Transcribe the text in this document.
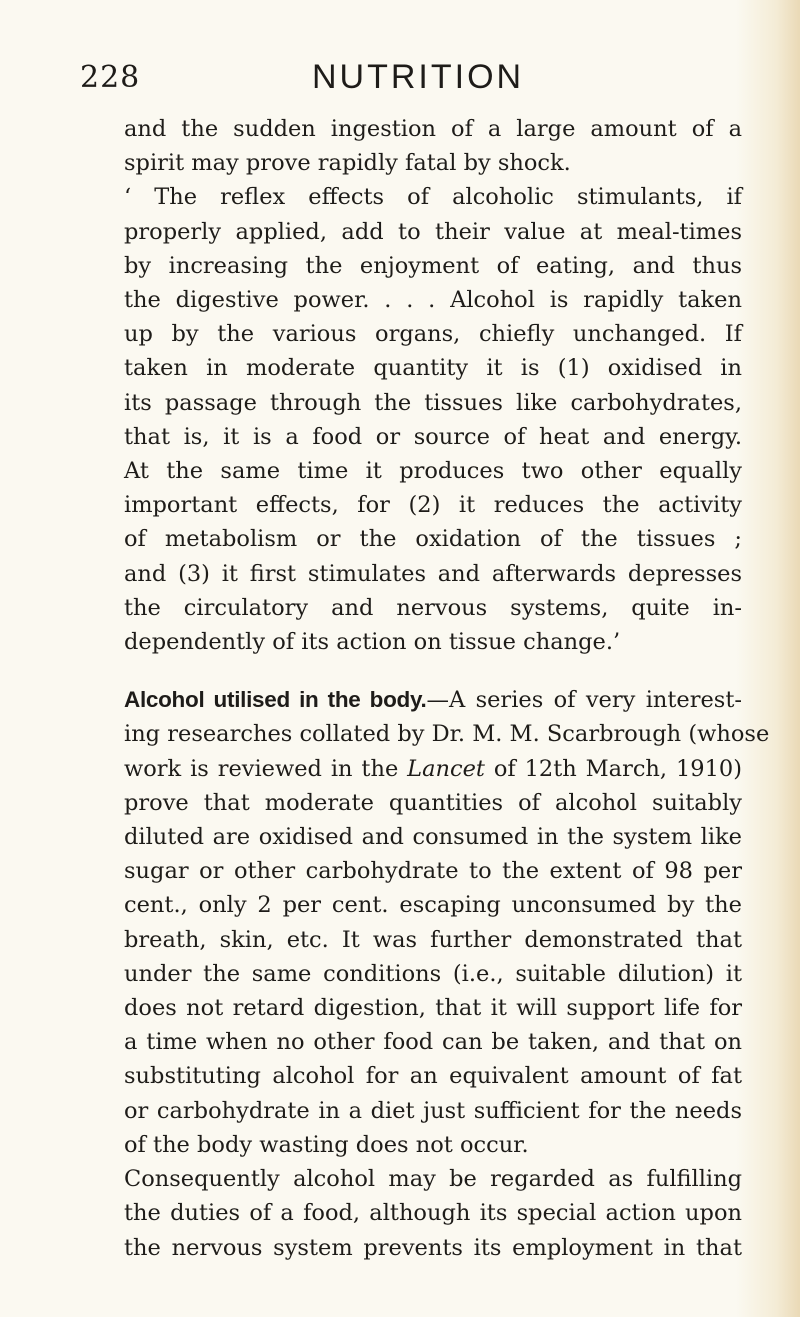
228	NUTRITION
and the sudden ingestion of a large amount of a
spirit may prove rapidly fatal by shock.
‘ The reflex effects of alcoholic stimulants, if
properly applied, add to their value at meal-times
by increasing the enjoyment of eating, and thus
the digestive power. . . . Alcohol is rapidly taken
up by the various organs, chiefly unchanged. If
taken in moderate quantity it is (1) oxidised in
its passage through the tissues like carbohydrates,
that is, it is a food or source of heat and energy.
At the same time it produces two other equally
important effects, for (2) it reduces the activity
of metabolism or the oxidation of the tissues ;
and (3) it first stimulates and afterwards depresses
the circulatory and nervous systems, quite in-
dependently of its action on tissue change.’
Alcohol utilised in the body.—A series of very interest-
ing researches collated by Dr. M. M. Scarbrough (whose
work is reviewed in the Lancet of 12th March, 1910)
prove that moderate quantities of alcohol suitably
diluted are oxidised and consumed in the system like
sugar or other carbohydrate to the extent of 98 per
cent., only 2 per cent. escaping unconsumed by the
breath, skin, etc. It was further demonstrated that
under the same conditions (i.e., suitable dilution) it
does not retard digestion, that it will support life for
a time when no other food can be taken, and that on
substituting alcohol for an equivalent amount of fat
or carbohydrate in a diet just sufficient for the needs
of the body wasting does not occur.
Consequently alcohol may be regarded as fulfilling
the duties of a food, although its special action upon
the nervous system prevents its employment in that
